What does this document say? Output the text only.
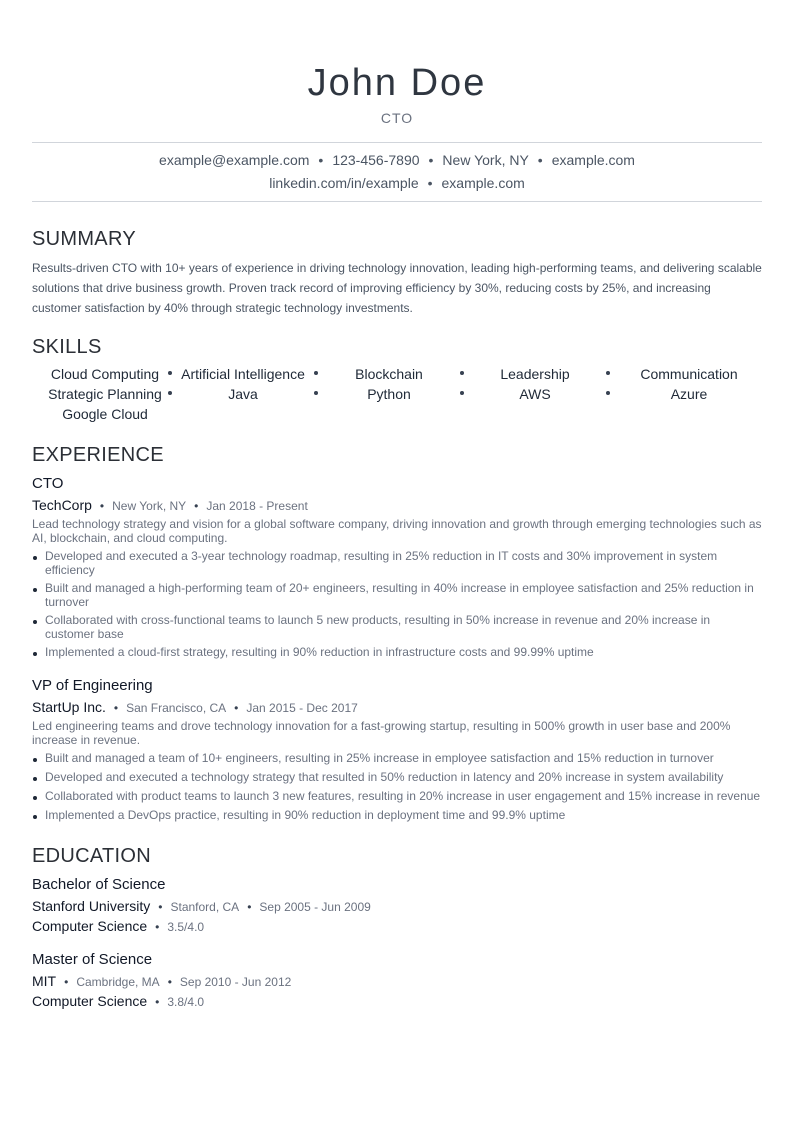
John Doe
CTO
example@example.com • 123-456-7890 • New York, NY • example.com
linkedin.com/in/example • example.com
SUMMARY
Results-driven CTO with 10+ years of experience in driving technology innovation, leading high-performing teams, and delivering scalable solutions that drive business growth. Proven track record of improving efficiency by 30%, reducing costs by 25%, and increasing customer satisfaction by 40% through strategic technology investments.
SKILLS
Cloud Computing	Artificial Intelligence	Blockchain	Leadership	Communication
Strategic Planning	Java	Python	AWS	Azure
Google Cloud
EXPERIENCE
CTO
TechCorp • New York, NY • Jan 2018 - Present
Lead technology strategy and vision for a global software company, driving innovation and growth through emerging technologies such as AI, blockchain, and cloud computing.
Developed and executed a 3-year technology roadmap, resulting in 25% reduction in IT costs and 30% improvement in system efficiency
Built and managed a high-performing team of 20+ engineers, resulting in 40% increase in employee satisfaction and 25% reduction in turnover
Collaborated with cross-functional teams to launch 5 new products, resulting in 50% increase in revenue and 20% increase in customer base
Implemented a cloud-first strategy, resulting in 90% reduction in infrastructure costs and 99.99% uptime
VP of Engineering
StartUp Inc. • San Francisco, CA • Jan 2015 - Dec 2017
Led engineering teams and drove technology innovation for a fast-growing startup, resulting in 500% growth in user base and 200% increase in revenue.
Built and managed a team of 10+ engineers, resulting in 25% increase in employee satisfaction and 15% reduction in turnover
Developed and executed a technology strategy that resulted in 50% reduction in latency and 20% increase in system availability
Collaborated with product teams to launch 3 new features, resulting in 20% increase in user engagement and 15% increase in revenue
Implemented a DevOps practice, resulting in 90% reduction in deployment time and 99.9% uptime
EDUCATION
Bachelor of Science
Stanford University • Stanford, CA • Sep 2005 - Jun 2009
Computer Science • 3.5/4.0
Master of Science
MIT • Cambridge, MA • Sep 2010 - Jun 2012
Computer Science • 3.8/4.0
